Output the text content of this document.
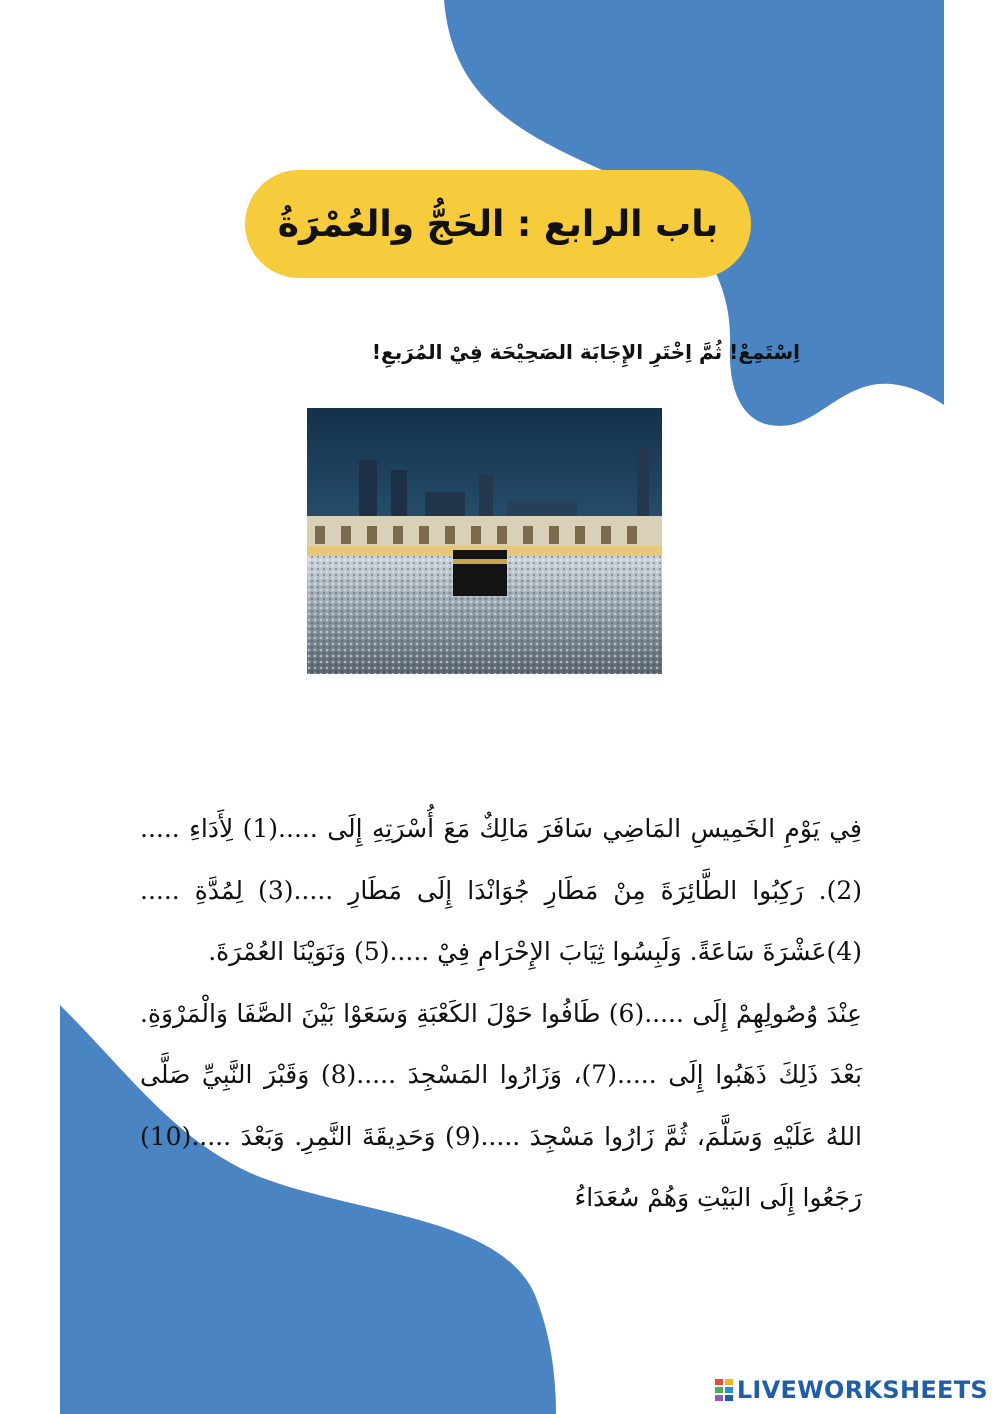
باب الرابع : الحَجُّ والعُمْرَةُ
اِسْتَمِعْ! ثُمَّ اِخْتَرِ الإِجَابَة الصَحِيْحَة فِيْ المُرَبعِ!

فِي يَوْمِ الخَمِيسِ المَاضِي سَافَرَ مَالِكٌ مَعَ أُسْرَتِهِ إِلَى .....(1) لِأَدَاءِ .....(2). رَكِبُوا الطَّائِرَةَ مِنْ مَطَارِ جُوَانْدَا إِلَى مَطَارِ .....(3) لِمُدَّةِ .....(4)عَشْرَةَ سَاعَةً. وَلَبِسُوا ثِيَابَ الإِحْرَامِ فِيْ .....(5) وَنَوَيْنَا العُمْرَةَ.

عِنْدَ وُصُولِهِمْ إِلَى .....(6) طَافُوا حَوْلَ الكَعْبَةِ وَسَعَوْا بَيْنَ الصَّفَا وَالْمَرْوَةِ. بَعْدَ ذَلِكَ ذَهَبُوا إِلَى .....(7)، وَزَارُوا المَسْجِدَ .....(8) وَقَبْرَ النَّبِيِّ صَلَّى اللهُ عَلَيْهِ وَسَلَّمَ، ثُمَّ زَارُوا مَسْجِدَ .....(9) وَحَدِيقَةَ النَّمِرِ. وَبَعْدَ .....(10) رَجَعُوا إِلَى البَيْتِ وَهُمْ سُعَدَاءُ

LIVEWORKSHEETS
